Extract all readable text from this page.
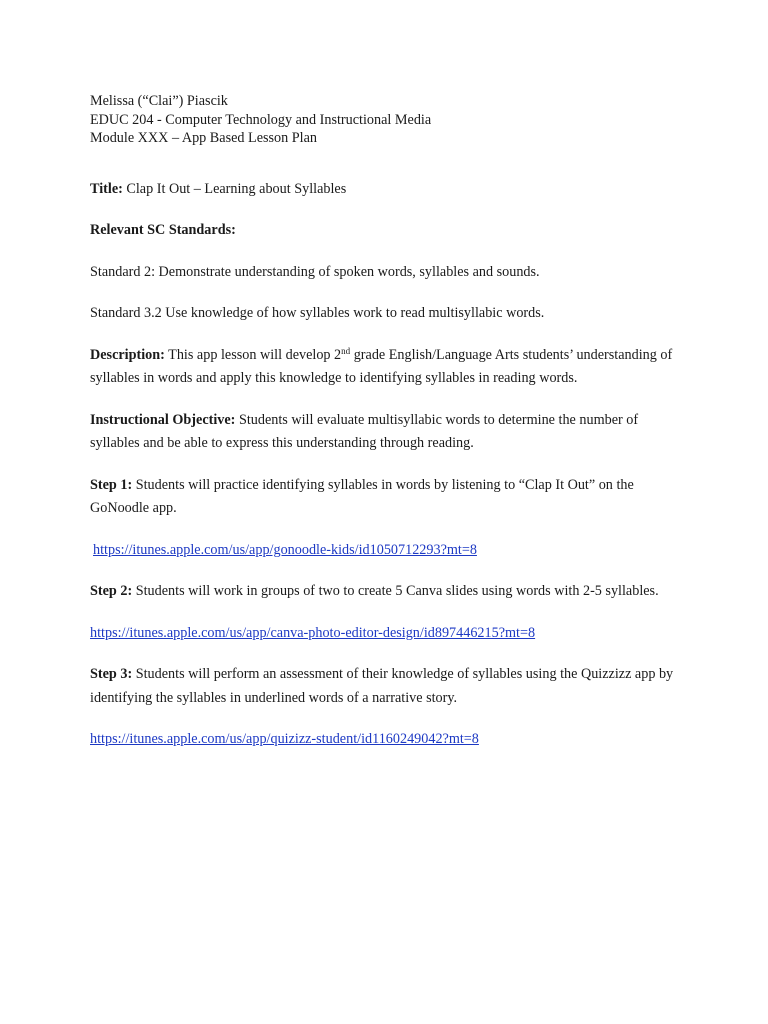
Melissa (“Clai”) Piascik
EDUC 204 - Computer Technology and Instructional Media
Module XXX – App Based Lesson Plan
Title: Clap It Out – Learning about Syllables
Relevant SC Standards:
Standard 2: Demonstrate understanding of spoken words, syllables and sounds.
Standard 3.2 Use knowledge of how syllables work to read multisyllabic words.
Description: This app lesson will develop 2nd grade English/Language Arts students’ understanding of syllables in words and apply this knowledge to identifying syllables in reading words.
Instructional Objective: Students will evaluate multisyllabic words to determine the number of syllables and be able to express this understanding through reading.
Step 1: Students will practice identifying syllables in words by listening to “Clap It Out” on the GoNoodle app.
https://itunes.apple.com/us/app/gonoodle-kids/id1050712293?mt=8
Step 2: Students will work in groups of two to create 5 Canva slides using words with 2-5 syllables.
https://itunes.apple.com/us/app/canva-photo-editor-design/id897446215?mt=8
Step 3: Students will perform an assessment of their knowledge of syllables using the Quizzizz app by identifying the syllables in underlined words of a narrative story.
https://itunes.apple.com/us/app/quizizz-student/id1160249042?mt=8
